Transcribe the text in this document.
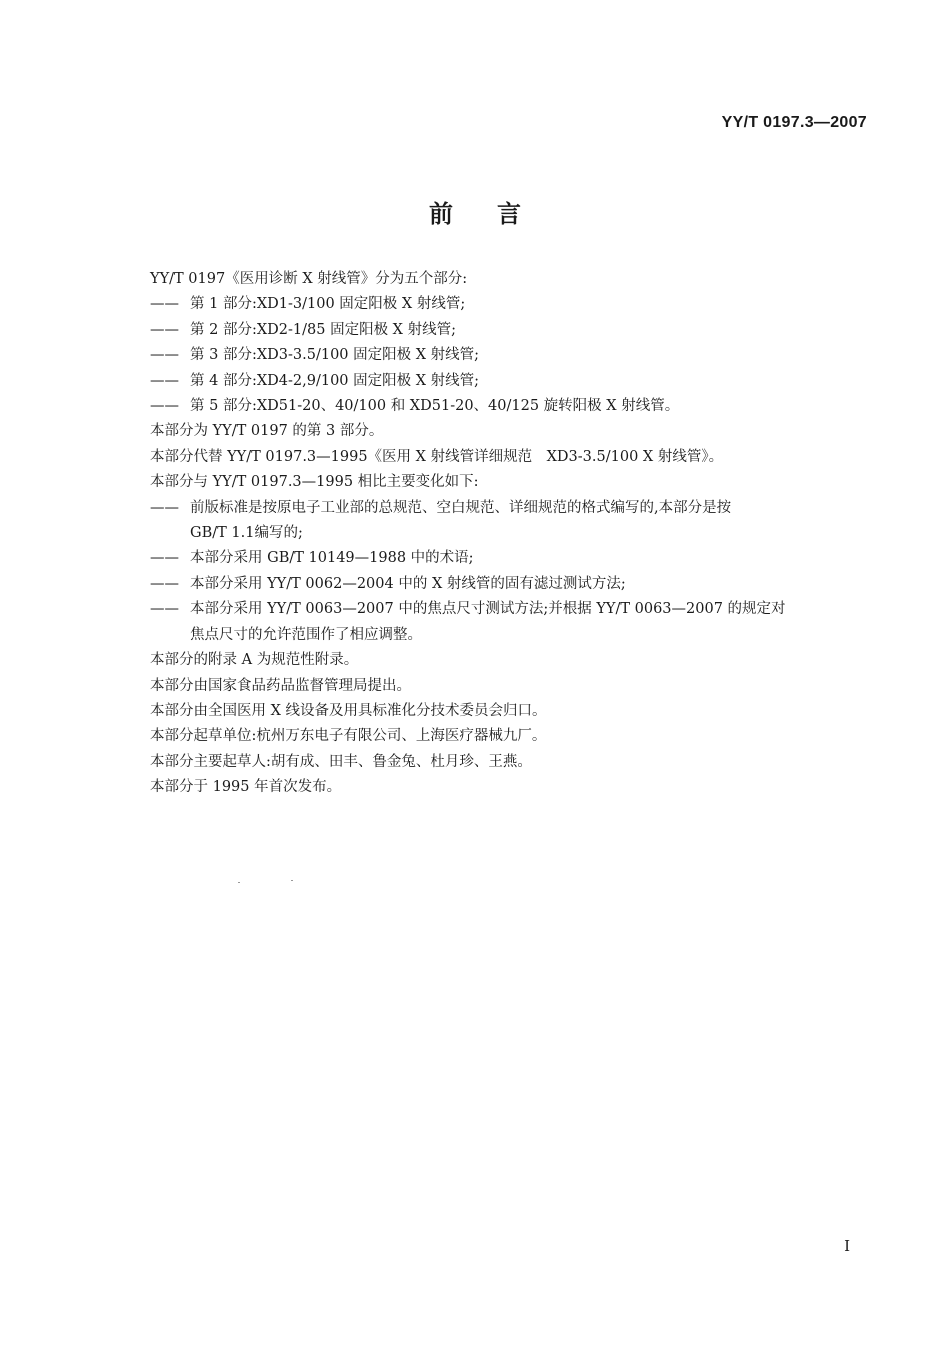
YY/T 0197.3—2007
前言
YY/T 0197《医用诊断 X 射线管》分为五个部分:
—— 第 1 部分:XD1-3/100 固定阳极 X 射线管;
—— 第 2 部分:XD2-1/85 固定阳极 X 射线管;
—— 第 3 部分:XD3-3.5/100 固定阳极 X 射线管;
—— 第 4 部分:XD4-2,9/100 固定阳极 X 射线管;
—— 第 5 部分:XD51-20、40/100 和 XD51-20、40/125 旋转阳极 X 射线管。
本部分为 YY/T 0197 的第 3 部分。
本部分代替 YY/T 0197.3—1995《医用 X 射线管详细规范　XD3-3.5/100 X 射线管》。
本部分与 YY/T 0197.3—1995 相比主要变化如下:
—— 前版标准是按原电子工业部的总规范、空白规范、详细规范的格式编写的,本部分是按
GB/T 1.1编写的;
—— 本部分采用 GB/T 10149—1988 中的术语;
—— 本部分采用 YY/T 0062—2004 中的 X 射线管的固有滤过测试方法;
—— 本部分采用 YY/T 0063—2007 中的焦点尺寸测试方法;并根据 YY/T 0063—2007 的规定对
焦点尺寸的允许范围作了相应调整。
本部分的附录 A 为规范性附录。
本部分由国家食品药品监督管理局提出。
本部分由全国医用 X 线设备及用具标准化分技术委员会归口。
本部分起草单位:杭州万东电子有限公司、上海医疗器械九厂。
本部分主要起草人:胡有成、田丰、鲁金兔、杜月珍、王燕。
本部分于 1995 年首次发布。
I
